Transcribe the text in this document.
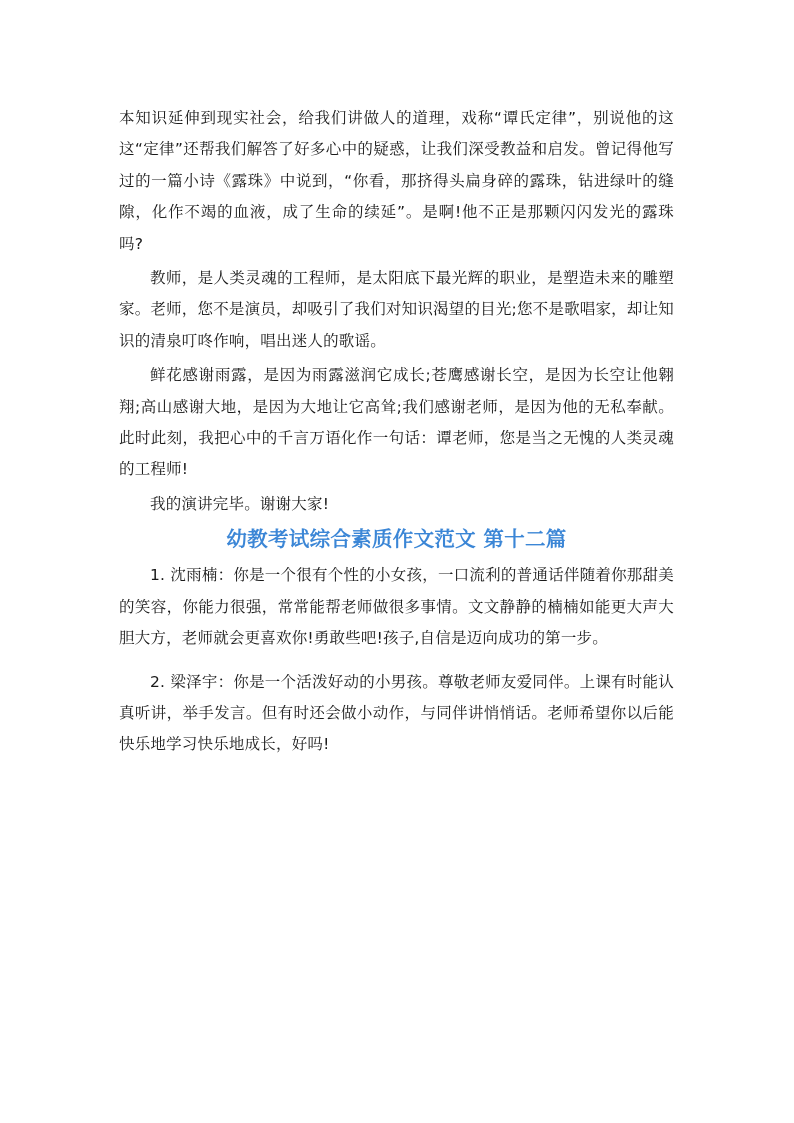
本知识延伸到现实社会，给我们讲做人的道理，戏称“谭氏定律”，别说他的这这“定律”还帮我们解答了好多心中的疑惑，让我们深受教益和启发。曾记得他写过的一篇小诗《露珠》中说到，“你看，那挤得头扁身碎的露珠，钻进绿叶的缝隙，化作不竭的血液，成了生命的续延”。是啊!他不正是那颗闪闪发光的露珠吗?

教师，是人类灵魂的工程师，是太阳底下最光辉的职业，是塑造未来的雕塑家。老师，您不是演员，却吸引了我们对知识渴望的目光;您不是歌唱家，却让知识的清泉叮咚作响，唱出迷人的歌谣。

鲜花感谢雨露，是因为雨露滋润它成长;苍鹰感谢长空，是因为长空让他翱翔;高山感谢大地，是因为大地让它高耸;我们感谢老师，是因为他的无私奉献。此时此刻，我把心中的千言万语化作一句话：谭老师，您是当之无愧的人类灵魂的工程师!

我的演讲完毕。谢谢大家!

幼教考试综合素质作文范文 第十二篇

1. 沈雨楠：你是一个很有个性的小女孩，一口流利的普通话伴随着你那甜美的笑容，你能力很强，常常能帮老师做很多事情。文文静静的楠楠如能更大声大胆大方，老师就会更喜欢你!勇敢些吧!孩子,自信是迈向成功的第一步。

2. 梁泽宇：你是一个活泼好动的小男孩。尊敬老师友爱同伴。上课有时能认真听讲，举手发言。但有时还会做小动作，与同伴讲悄悄话。老师希望你以后能快乐地学习快乐地成长，好吗!
